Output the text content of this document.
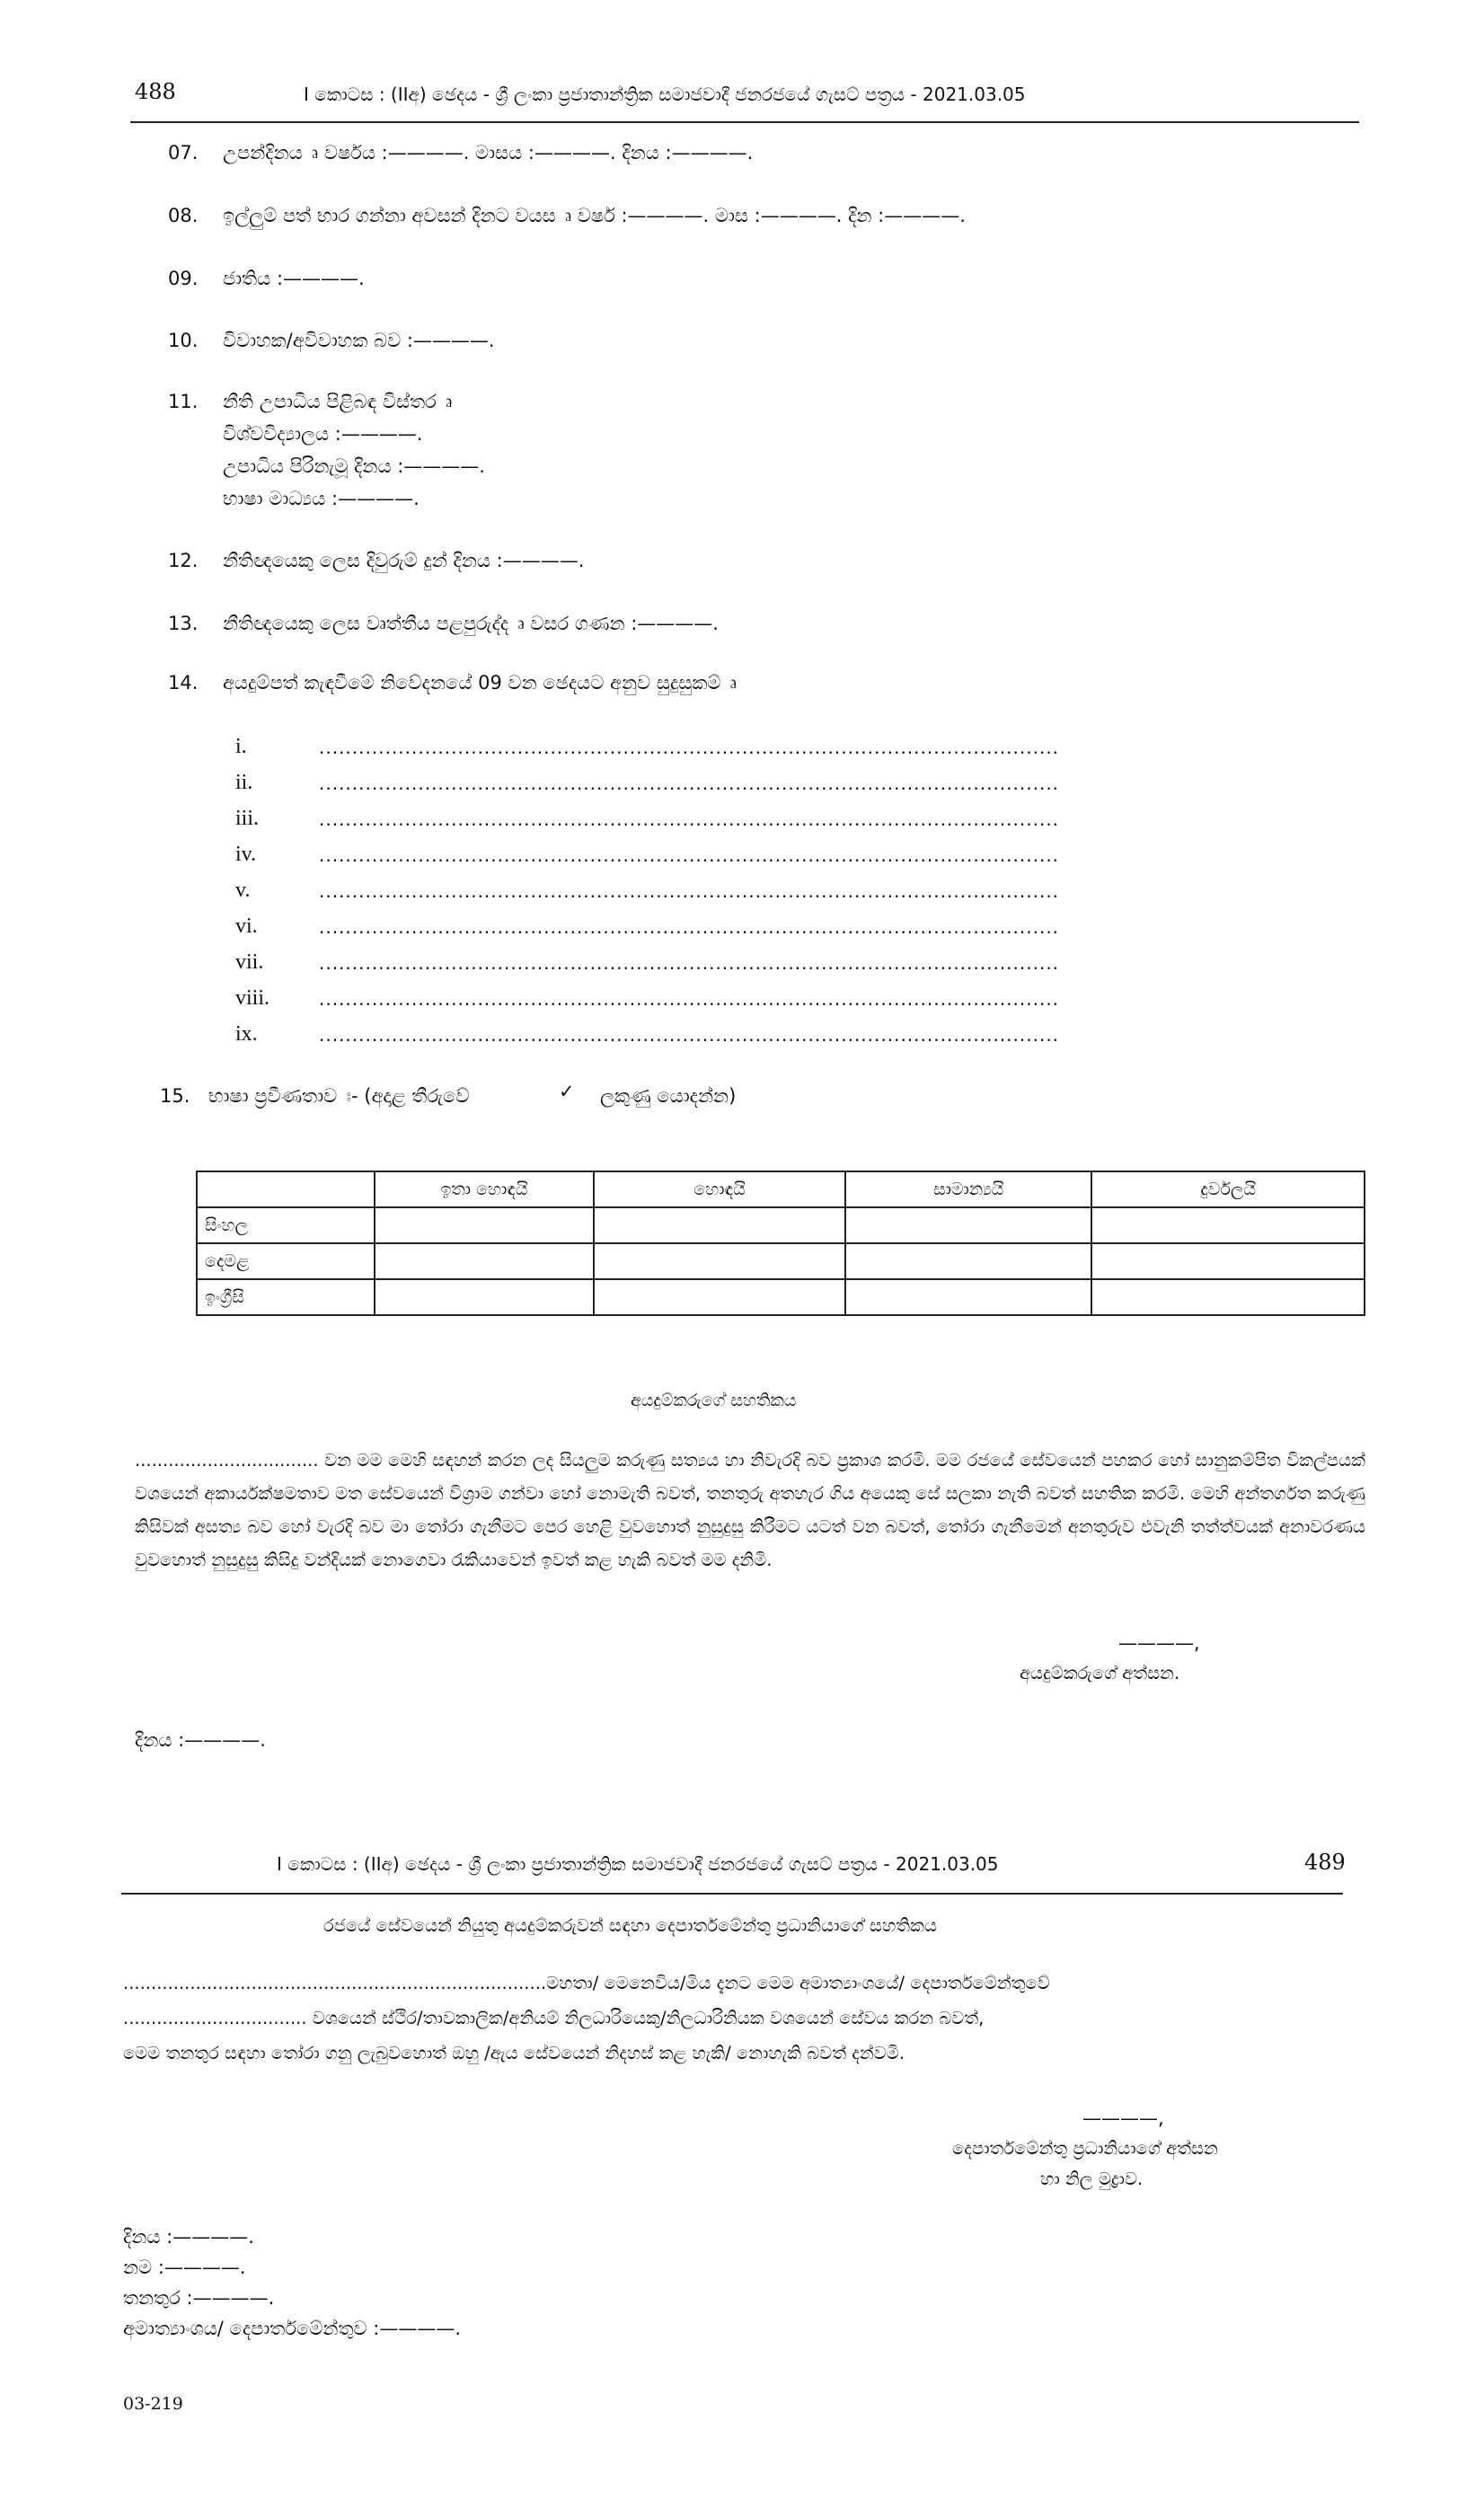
488	I කොටස : (IIඅ) ඡෙදය - ශ්‍රී ලංකා ප්‍රජාතාන්ත්‍රික සමාජවාදී ජනරජයේ ගැසට් පත්‍රය - 2021.03.05
07. උපන්දිනය ෘ වර්ෂය :————. මාසය :————. දිනය :————.
08. ඉල්ලුම් පත් භාර ගන්නා අවසන් දිනට වයස ෘ වර්ෂ :————. මාස :————. දින :————.
09. ජාතිය :————.
10. විවාහක/අවිවාහක බව :————.
11. නීති උපාධිය පිළිබඳ විස්තර ෘ
විශ්වවිද්‍යාලය :————.
උපාධිය පිරිනැමූ දිනය :————.
භාෂා මාධ්‍යය :————.
12. නීතිඥයෙකු ලෙස දිවුරුම් දුන් දිනය :————.
13. නීතිඥයෙකු ලෙස වෘත්තීය පළපුරුද්ද ෘ වසර ගණන :————.
14. අයදුම්පත් කැඳවීමේ නිවේදනයේ 09 වන ඡෙදයට අනුව සුදුසුකම් ෘ
i.	................................................................................................................
ii.	................................................................................................................
iii.	................................................................................................................
iv.	................................................................................................................
v.	................................................................................................................
vi.	................................................................................................................
vii.	................................................................................................................
viii.	................................................................................................................
ix.	................................................................................................................
15. භාෂා ප්‍රවීණතාව ඃ- (අදාළ තීරුවේ	✓ ලකුණු යොදන්න)
	ඉතා හොඳයි	හොඳයි	සාමාන්‍යයි	දුර්වලයි
සිංහල				
දෙමළ				
ඉංග්‍රීසි				
අයදුම්කරුගේ සහතිකය
................................. වන මම මෙහි සඳහන් කරන ලද සියලුම කරුණු සත්‍යය හා නිවැරදි බව ප්‍රකාශ කරමි. මම රජයේ සේවයෙන් පහකර හෝ සානුකම්පිත විකල්පයක් වශයෙන් අකාර්යක්ෂමතාව මත සේවයෙන් විශ්‍රාම ගන්වා හෝ නොමැති බවත්, තනතුරු අතහැර ගිය අයෙකු සේ සලකා නැති බවත් සහතික කරමි. මෙහි අන්තර්ගත කරුණු කිසිවක් අසත්‍ය බව හෝ වැරදි බව මා තෝරා ගැනීමට පෙර හෙළි වුවහොත් නුසුදුසු කිරීමට යටත් වන බවත්, තෝරා ගැනීමෙන් අනතුරුව එවැනි තත්ත්වයක් අනාවරණය වුවහොත් නුසුදුසු කිසිදු වන්දියක් නොගෙවා රැකියාවෙන් ඉවත් කළ හැකි බවත් මම දනිමි.
————,
අයදුම්කරුගේ අත්සන.
දිනය :————.
I කොටස : (IIඅ) ඡෙදය - ශ්‍රී ලංකා ප්‍රජාතාන්ත්‍රික සමාජවාදී ජනරජයේ ගැසට් පත්‍රය - 2021.03.05	489
රජයේ සේවයෙන් නියුතු අයදුම්කරුවන් සඳහා දෙපාර්තමේන්තු ප්‍රධානියාගේ සහතිකය
............................................................................මහතා/ මෙනෙවිය/මිය දැනට මෙම අමාත්‍යාංශයේ/ දෙපාර්තමේන්තුවේ
................................. වශයෙන් ස්ථිර/තාවකාලික/අනියම් නිලධාරියෙකු/නිලධාරිනියක වශයෙන් සේවය කරන බවත්,
මෙම තනතුර සඳහා තෝරා ගනු ලැබුවහොත් ඔහු /ඇය සේවයෙන් නිදහස් කළ හැකි/ නොහැකි බවත් දන්වමි.
————,
දෙපාර්තමේන්තු ප්‍රධානියාගේ අත්සන
හා නිල මුද්‍රාව.
දිනය :————.
නම :————.
තනතුර :————.
අමාත්‍යාංශය/ දෙපාර්තමේන්තුව :————.
03-219
